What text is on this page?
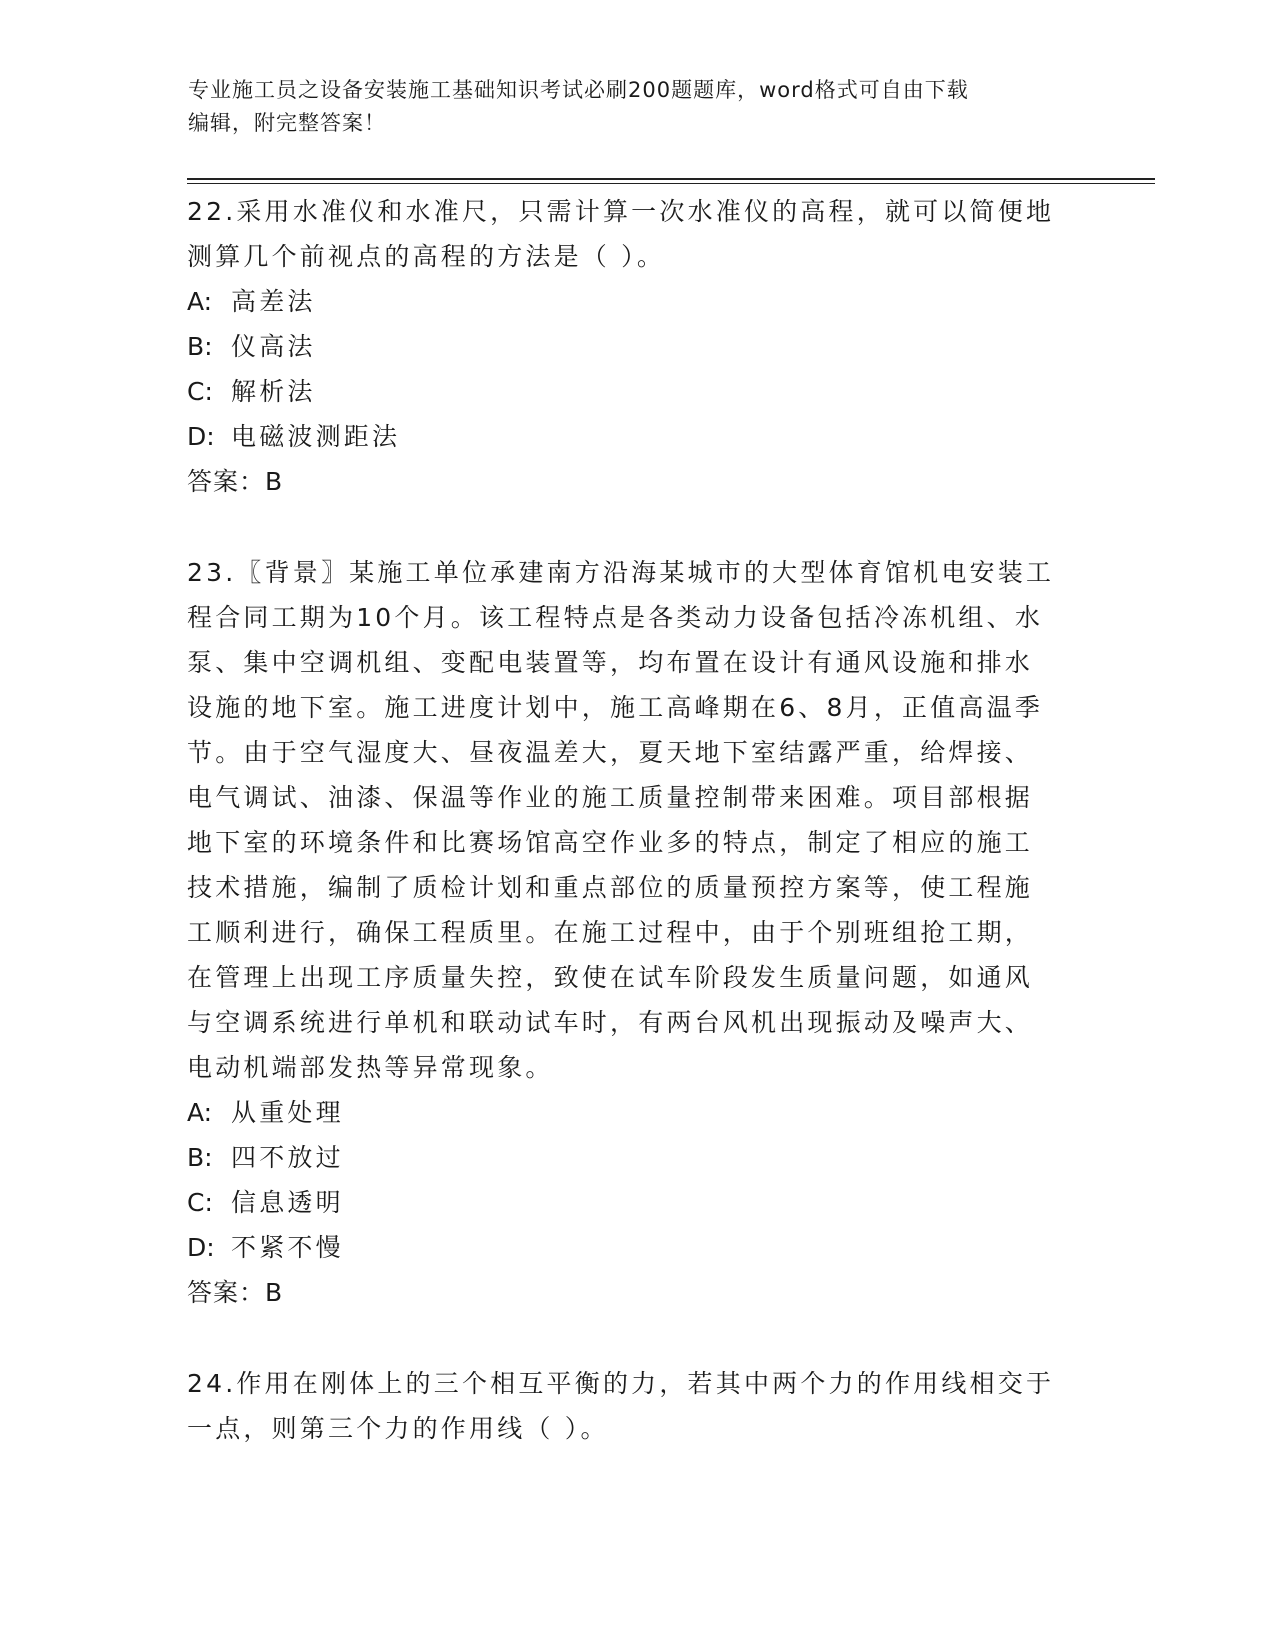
专业施工员之设备安装施工基础知识考试必刷200题题库，word格式可自由下载
编辑，附完整答案！

22.采用水准仪和水准尺，只需计算一次水准仪的高程，就可以简便地

测算几个前视点的高程的方法是（ ）。

A: 高差法

B: 仪高法

C: 解析法

D: 电磁波测距法

答案：B

23.〖背景〗某施工单位承建南方沿海某城市的大型体育馆机电安装工

程合同工期为10个月。该工程特点是各类动力设备包括冷冻机组、水

泵、集中空调机组、变配电装置等，均布置在设计有通风设施和排水

设施的地下室。施工进度计划中，施工高峰期在6、8月，正值高温季

节。由于空气湿度大、昼夜温差大，夏天地下室结露严重，给焊接、

电气调试、油漆、保温等作业的施工质量控制带来困难。项目部根据

地下室的环境条件和比赛场馆高空作业多的特点，制定了相应的施工

技术措施，编制了质检计划和重点部位的质量预控方案等，使工程施

工顺利进行，确保工程质里。在施工过程中，由于个别班组抢工期，

在管理上出现工序质量失控，致使在试车阶段发生质量问题，如通风

与空调系统进行单机和联动试车时，有两台风机出现振动及噪声大、

电动机端部发热等异常现象。

A: 从重处理

B: 四不放过

C: 信息透明

D: 不紧不慢

答案：B

24.作用在刚体上的三个相互平衡的力，若其中两个力的作用线相交于

一点，则第三个力的作用线（ ）。
